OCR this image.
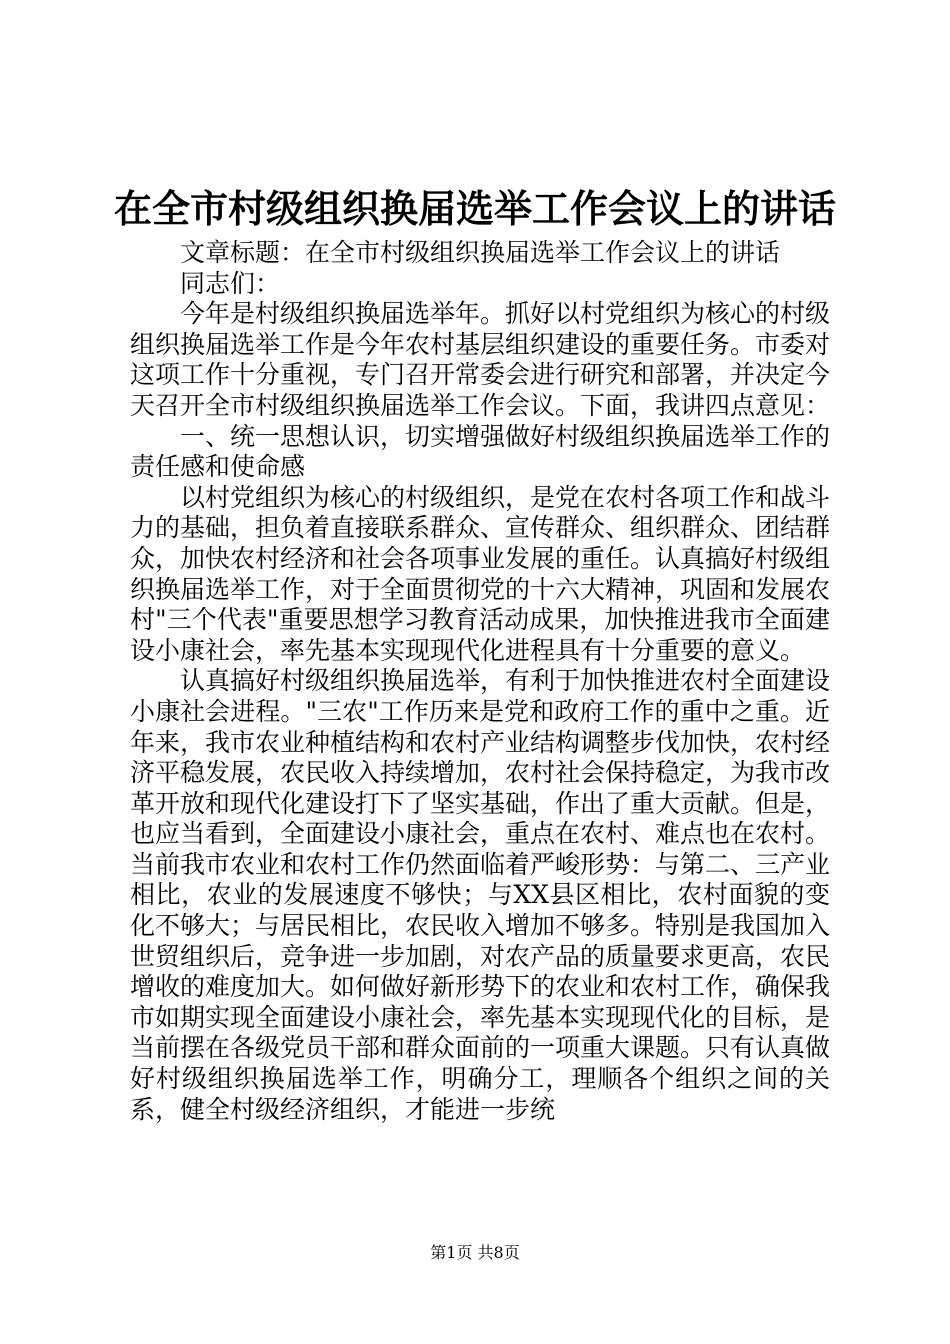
在全市村级组织换届选举工作会议上的讲话

文章标题：在全市村级组织换届选举工作会议上的讲话

同志们：

今年是村级组织换届选举年。抓好以村党组织为核心的村级组织换届选举工作是今年农村基层组织建设的重要任务。市委对这项工作十分重视，专门召开常委会进行研究和部署，并决定今天召开全市村级组织换届选举工作会议。下面，我讲四点意见：

一、统一思想认识，切实增强做好村级组织换届选举工作的责任感和使命感

以村党组织为核心的村级组织，是党在农村各项工作和战斗力的基础，担负着直接联系群众、宣传群众、组织群众、团结群众，加快农村经济和社会各项事业发展的重任。认真搞好村级组织换届选举工作，对于全面贯彻党的十六大精神，巩固和发展农村"三个代表"重要思想学习教育活动成果，加快推进我市全面建设小康社会，率先基本实现现代化进程具有十分重要的意义。

认真搞好村级组织换届选举，有利于加快推进农村全面建设小康社会进程。"三农"工作历来是党和政府工作的重中之重。近年来，我市农业种植结构和农村产业结构调整步伐加快，农村经济平稳发展，农民收入持续增加，农村社会保持稳定，为我市改革开放和现代化建设打下了坚实基础，作出了重大贡献。但是，也应当看到，全面建设小康社会，重点在农村、难点也在农村。当前我市农业和农村工作仍然面临着严峻形势：与第二、三产业相比，农业的发展速度不够快；与XX县区相比，农村面貌的变化不够大；与居民相比，农民收入增加不够多。特别是我国加入世贸组织后，竞争进一步加剧，对农产品的质量要求更高，农民增收的难度加大。如何做好新形势下的农业和农村工作，确保我市如期实现全面建设小康社会，率先基本实现现代化的目标，是当前摆在各级党员干部和群众面前的一项重大课题。只有认真做好村级组织换届选举工作，明确分工，理顺各个组织之间的关系，健全村级经济组织，才能进一步统

第1页 共8页
